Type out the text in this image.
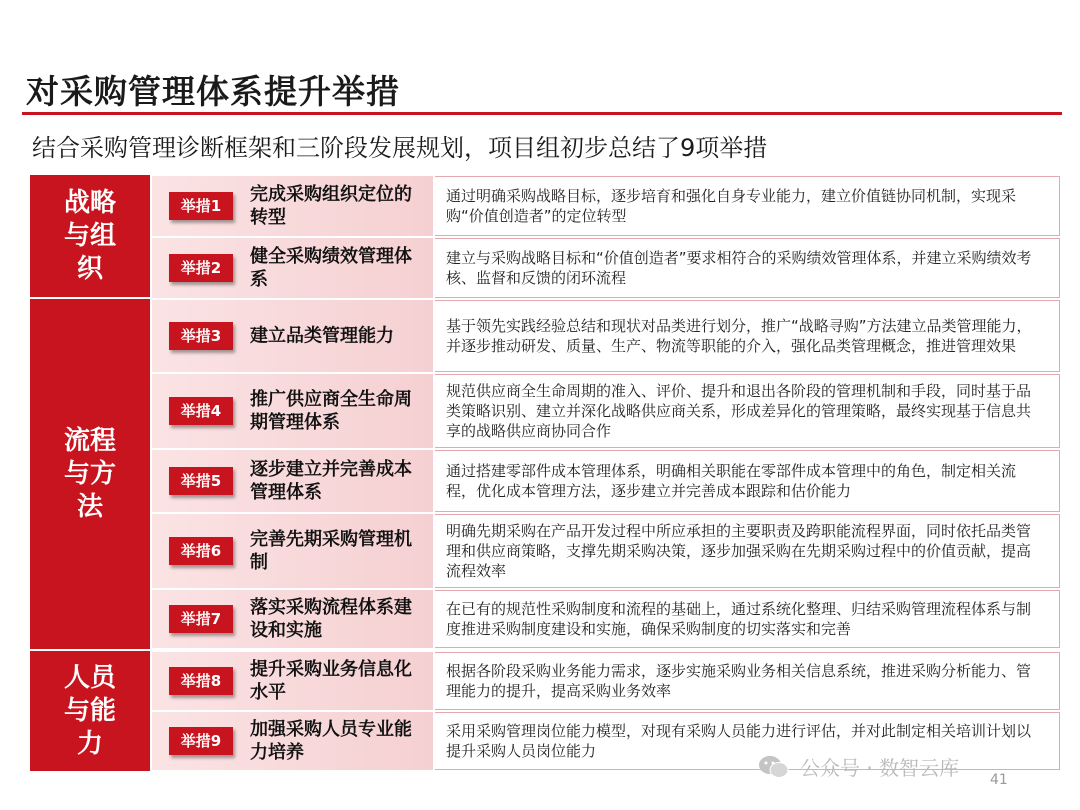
对采购管理体系提升举措
结合采购管理诊断框架和三阶段发展规划，项目组初步总结了9项举措
战略与组织
流程与方法
人员与能力
举措1
完成采购组织定位的转型
通过明确采购战略目标，逐步培育和强化自身专业能力，建立价值链协同机制，实现采购“价值创造者”的定位转型
举措2
健全采购绩效管理体系
建立与采购战略目标和“价值创造者”要求相符合的采购绩效管理体系，并建立采购绩效考核、监督和反馈的闭环流程
举措3	建立品类管理能力	基于领先实践经验总结和现状对品类进行划分，推广“战略寻购”方法建立品类管理能力，并逐步推动研发、质量、生产、物流等职能的介入，强化品类管理概念，推进管理效果
举措4
推广供应商全生命周期管理体系
规范供应商全生命周期的准入、评价、提升和退出各阶段的管理机制和手段，同时基于品类策略识别、建立并深化战略供应商关系，形成差异化的管理策略，最终实现基于信息共享的战略供应商协同合作
举措5
逐步建立并完善成本管理体系
通过搭建零部件成本管理体系，明确相关职能在零部件成本管理中的角色，制定相关流程，优化成本管理方法，逐步建立并完善成本跟踪和估价能力
举措6
完善先期采购管理机制
明确先期采购在产品开发过程中所应承担的主要职责及跨职能流程界面，同时依托品类管理和供应商策略，支撑先期采购决策，逐步加强采购在先期采购过程中的价值贡献，提高流程效率
举措7
落实采购流程体系建设和实施
在已有的规范性采购制度和流程的基础上，通过系统化整理、归结采购管理流程体系与制度推进采购制度建设和实施，确保采购制度的切实落实和完善
举措8
提升采购业务信息化水平
根据各阶段采购业务能力需求，逐步实施采购业务相关信息系统，推进采购分析能力、管理能力的提升，提高采购业务效率
举措9
加强采购人员专业能力培养
采用采购管理岗位能力模型，对现有采购人员能力进行评估，并对此制定相关培训计划以提升采购人员岗位能力
公众号 · 数智云库 41
